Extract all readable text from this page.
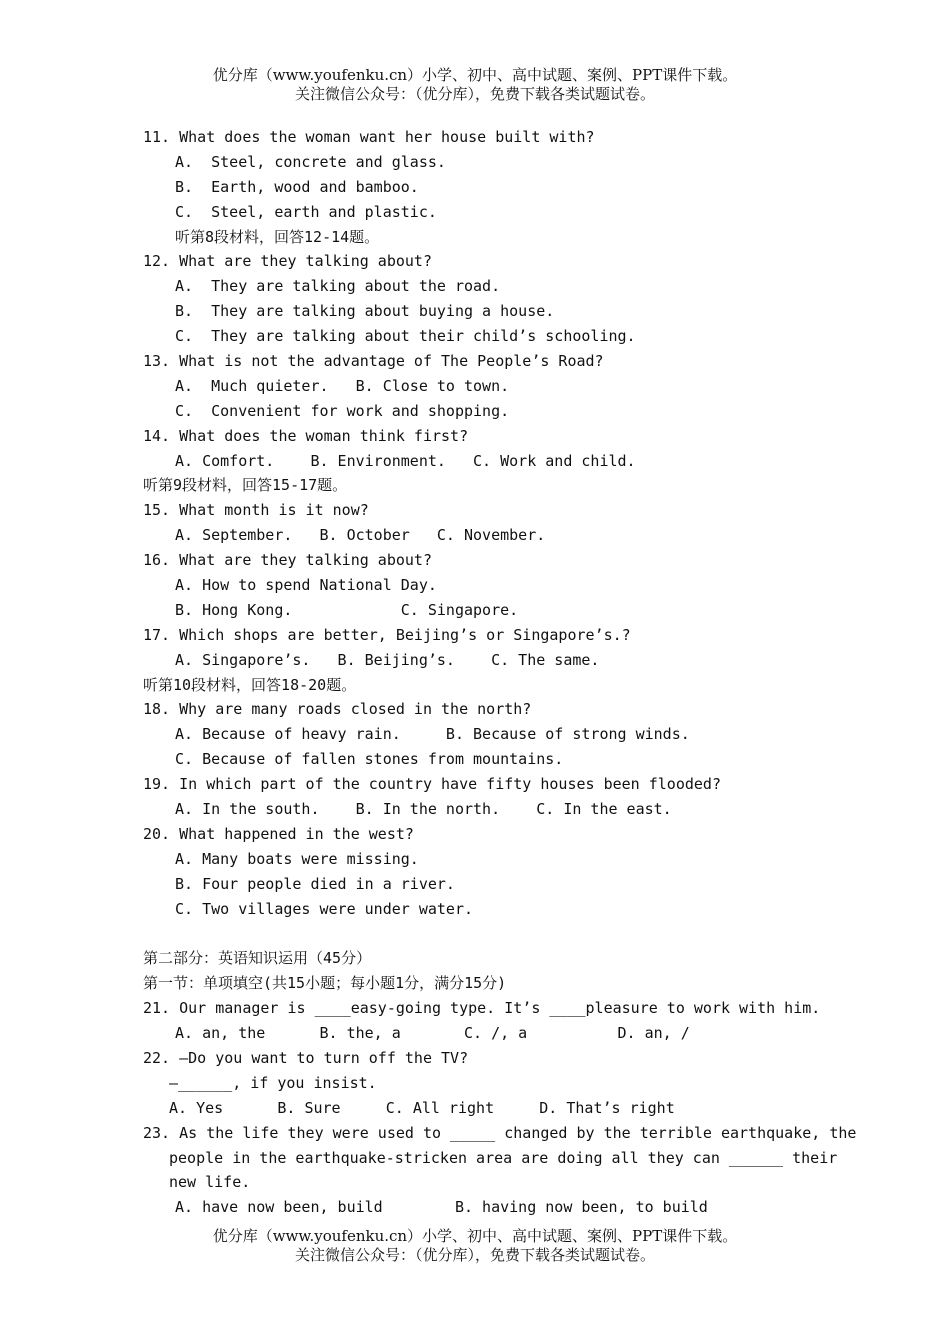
优分库（www.youfenku.cn）小学、初中、高中试题、案例、PPT课件下载。
关注微信公众号：（优分库），免费下载各类试题试卷。
11. What does the woman want her house built with?
A.  Steel, concrete and glass.
B.  Earth, wood and bamboo.
C.  Steel, earth and plastic.
听第8段材料，回答12-14题。
12. What are they talking about?
A.  They are talking about the road.
B.  They are talking about buying a house.
C.  They are talking about their child’s schooling.
13. What is not the advantage of The People’s Road?
A.  Much quieter.   B. Close to town.
C.  Convenient for work and shopping.
14. What does the woman think first?
A. Comfort.    B. Environment.   C. Work and child.
听第9段材料，回答15-17题。
15. What month is it now?
A. September.   B. October   C. November.
16. What are they talking about?
A. How to spend National Day.
B. Hong Kong.            C. Singapore.
17. Which shops are better, Beijing’s or Singapore’s.?
A. Singapore’s.   B. Beijing’s.    C. The same.
听第10段材料，回答18-20题。
18. Why are many roads closed in the north?
A. Because of heavy rain.     B. Because of strong winds.
C. Because of fallen stones from mountains.
19. In which part of the country have fifty houses been flooded?
A. In the south.    B. In the north.    C. In the east.
20. What happened in the west?
A. Many boats were missing.
B. Four people died in a river.
C. Two villages were under water.
第二部分：英语知识运用（45分）
第一节：单项填空(共15小题；每小题1分，满分15分)
21. Our manager is ____easy-going type. It’s ____pleasure to work with him.
A. an, the      B. the, a       C. /, a          D. an, /
22. —Do you want to turn off the TV?
—______, if you insist.
A. Yes      B. Sure     C. All right     D. That’s right
23. As the life they were used to _____ changed by the terrible earthquake, the
people in the earthquake-stricken area are doing all they can ______ their
new life.
A. have now been, build        B. having now been, to build
优分库（www.youfenku.cn）小学、初中、高中试题、案例、PPT课件下载。
关注微信公众号：（优分库），免费下载各类试题试卷。
